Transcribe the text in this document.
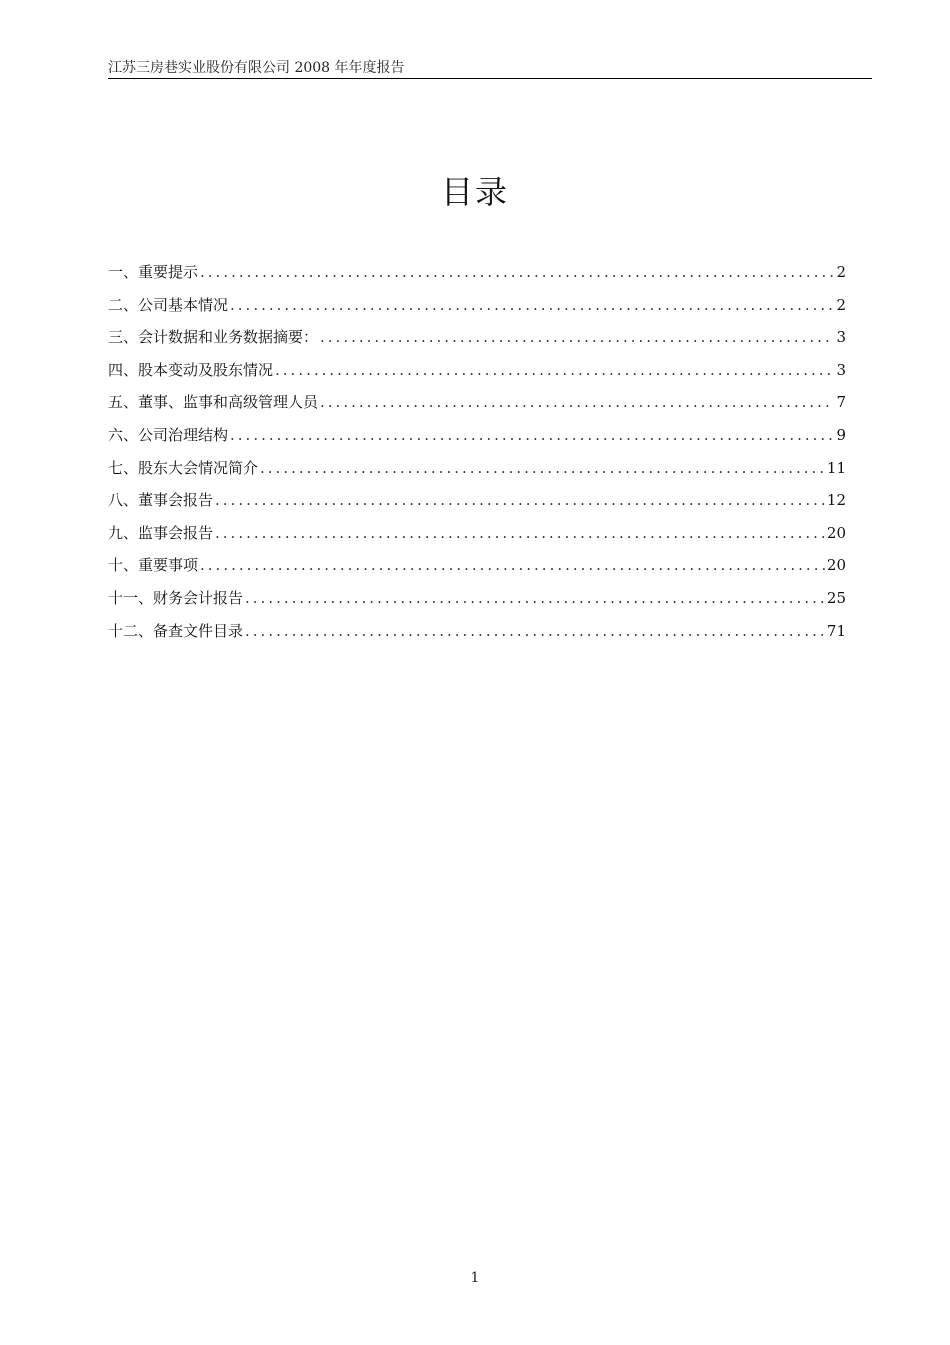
江苏三房巷实业股份有限公司 2008 年年度报告
目录
一、重要提示 .....	2
二、公司基本情况 .....	2
三、会计数据和业务数据摘要： .....	3
四、股本变动及股东情况 .....	3
五、董事、监事和高级管理人员 .....	7
六、公司治理结构 .....	9
七、股东大会情况简介 .....	11
八、董事会报告 .....	12
九、监事会报告 .....	20
十、重要事项 .....	20
十一、财务会计报告 .....	25
十二、备查文件目录 .....	71
1
